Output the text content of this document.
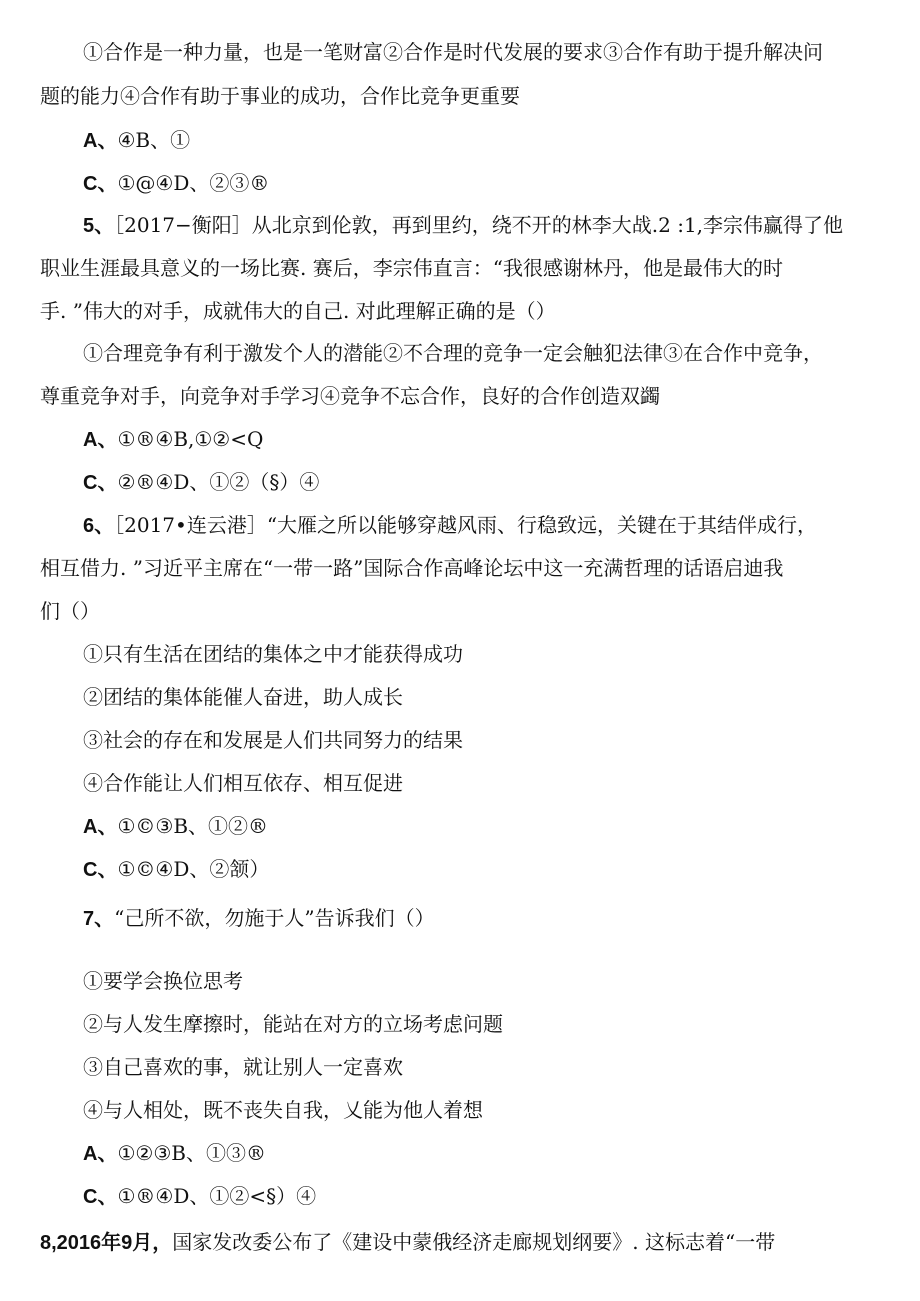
①合作是一种力量，也是一笔财富②合作是时代发展的要求③合作有助于提升解决问
题的能力④合作有助于事业的成功，合作比竞争更重要
A、④B、①
C、①@④D、②③®
5、［2017−衡阳］从北京到伦敦，再到里约，绕不开的林李大战.2 :1,李宗伟赢得了他
职业生涯最具意义的一场比赛. 赛后，李宗伟直言：“我很感谢林丹，他是最伟大的时
手. ”伟大的对手，成就伟大的自己. 对此理解正确的是（）
①合理竞争有利于激发个人的潜能②不合理的竞争一定会触犯法律③在合作中竞争，
尊重竞争对手，向竞争对手学习④竞争不忘合作，良好的合作创造双蠲
A、①®④B,①②<Q
C、②®④D、①②（§）④
6、［2017•连云港］“大雁之所以能够穿越风雨、行稳致远，关键在于其结伴成行，
相互借力. ”习近平主席在“一带一路”国际合作高峰论坛中这一充满哲理的话语启迪我
们（）
①只有生活在团结的集体之中才能获得成功
②团结的集体能催人奋进，助人成长
③社会的存在和发展是人们共同努力的结果
④合作能让人们相互依存、相互促进
A、①©③B、①②®
C、①©④D、②颔）
7、“己所不欲，勿施于人”告诉我们（）
①要学会换位思考
②与人发生摩擦时，能站在对方的立场考虑问题
③自己喜欢的事，就让别人一定喜欢
④与人相处，既不丧失自我，乂能为他人着想
A、①②③B、①③®
C、①®④D、①②<§）④
8,2016年9月，国家发改委公布了《建设中蒙俄经济走廊规划纲要》. 这标志着“一带
